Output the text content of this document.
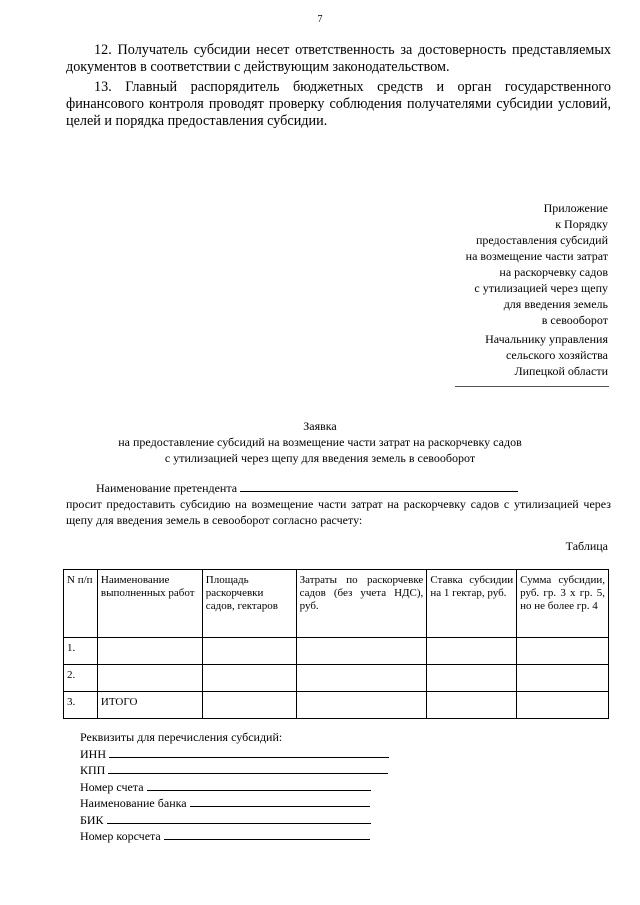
7
12. Получатель субсидии несет ответственность за достоверность представляемых документов в соответствии с действующим законодательством.
13. Главный распорядитель бюджетных средств и орган государственного финансового контроля проводят проверку соблюдения получателями субсидии условий, целей и порядка предоставления субсидии.
Приложение
к Порядку
предоставления субсидий
на возмещение части затрат
на раскорчевку садов
с утилизацией через щепу
для введения земель
в севооборот
Начальнику управления
сельского хозяйства
Липецкой области
Заявка
на предоставление субсидий на возмещение части затрат на раскорчевку садов
с утилизацией через щепу для введения земель в севооборот
Наименование претендента
просит предоставить субсидию на возмещение части затрат на раскорчевку садов с утилизацией через щепу для введения земель в севооборот согласно расчету:
Таблица
N п/п	Наименование выполненных работ	Площадь раскорчевки садов, гектаров	Затраты по раскорчевке садов (без учета НДС), руб.	Ставка субсидии на 1 гектар, руб.	Сумма субсидии, руб. гр. 3 х гр. 5, но не более гр. 4
1.					
2.					
3.	ИТОГО				
Реквизиты для перечисления субсидий:
ИНН
КПП
Номер счета
Наименование банка
БИК
Номер корсчета
